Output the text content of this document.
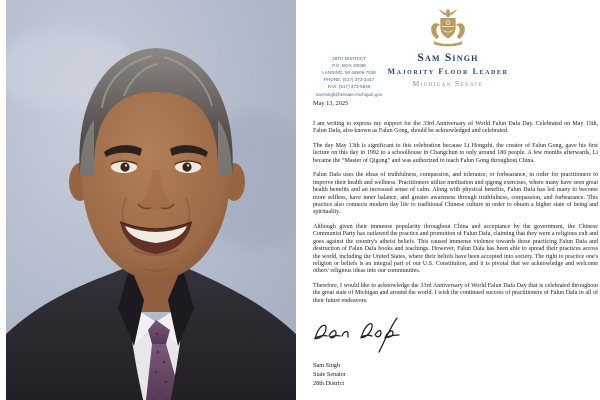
Sam Singh
Majority Floor Leader
Michigan Senate
28TH DISTRICT
P.O. BOX 30036
LANSING, MI 48909-7536
PHONE: (517) 373-3447
FAX: (517) 373-5849
samsingh@senate.michigan.gov
May 13, 2025

I am writing to express my support for the 33rd Anniversary of World Falun Dafa Day. Celebrated on May 13th, Falun Dafa, also known as Falun Gong, should be acknowledged and celebrated.

The day May 13th is significant to this celebration because Li Hongzhi, the creator of Falun Gong, gave his first lecture on this day in 1992 to a schoolhouse in Changchun to only around 180 people. A few months afterwards, Li became the “Master of Qigong” and was authorized to teach Falun Gong throughout China.

Falun Dafa uses the ideas of truthfulness, compassion, and tolerance, or forbearance, in order for practitioners to improve their health and wellness. Practitioners utilize meditation and qigong exercises, where many have seen great health benefits and an increased sense of calm. Along with physical benefits, Falun Dafa has led many to become more selfless, have inner balance, and greater awareness through truthfulness, compassion, and forbearance. This practice also connects modern day life to traditional Chinese culture in order to obtain a higher state of being and spirituality.

Although given their immense popularity throughout China and acceptance by the government, the Chinese Communist Party has outlawed the practice and promotion of Falun Dafa, claiming that they were a religious cult and goes against the country's atheist beliefs. This caused immense violence towards those practicing Falun Dafa and destruction of Falun Dafa books and teachings. However, Falun Dafa has been able to spread their practices across the world, including the United States, where their beliefs have been accepted into society. The right to practice one's religion or beliefs is an integral part of our U.S. Constitution, and it is pivotal that we acknowledge and welcome others' religious ideas into our communities.

Therefore, I would like to acknowledge the 33rd Anniversary of World Falun Dafa Day that is celebrated throughout the great state of Michigan and around the world. I wish the continued success of practitioners of Falun Dafa in all of their future endeavors.

Sam Singh
State Senator
28th District
